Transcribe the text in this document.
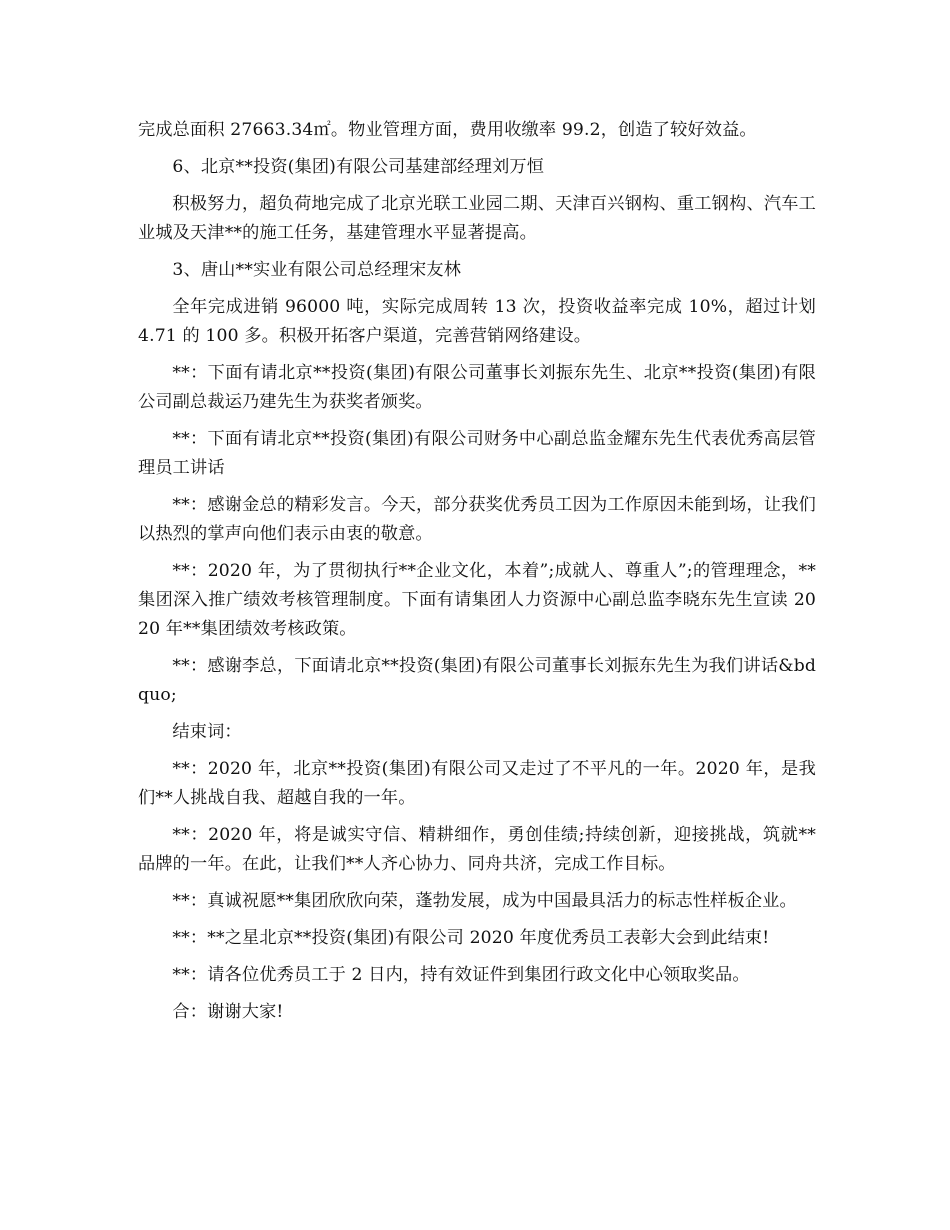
完成总面积 27663.34㎡。物业管理方面，费用收缴率 99.2，创造了较好效益。

6、北京**投资(集团)有限公司基建部经理刘万恒

积极努力，超负荷地完成了北京光联工业园二期、天津百兴钢构、重工钢构、汽车工业城及天津**的施工任务，基建管理水平显著提高。

3、唐山**实业有限公司总经理宋友林

全年完成进销 96000 吨，实际完成周转 13 次，投资收益率完成 10%，超过计划 4.71 的 100 多。积极开拓客户渠道，完善营销网络建设。

**：下面有请北京**投资(集团)有限公司董事长刘振东先生、北京**投资(集团)有限公司副总裁运乃建先生为获奖者颁奖。

**：下面有请北京**投资(集团)有限公司财务中心副总监金耀东先生代表优秀高层管理员工讲话

**：感谢金总的精彩发言。今天，部分获奖优秀员工因为工作原因未能到场，让我们以热烈的掌声向他们表示由衷的敬意。

**：2020 年，为了贯彻执行**企业文化，本着”;成就人、尊重人”;的管理理念，**集团深入推广绩效考核管理制度。下面有请集团人力资源中心副总监李晓东先生宣读 2020 年**集团绩效考核政策。

**：感谢李总，下面请北京**投资(集团)有限公司董事长刘振东先生为我们讲话&bdquo;

结束词：

**：2020 年，北京**投资(集团)有限公司又走过了不平凡的一年。2020 年，是我们**人挑战自我、超越自我的一年。

**：2020 年，将是诚实守信、精耕细作，勇创佳绩;持续创新，迎接挑战，筑就**品牌的一年。在此，让我们**人齐心协力、同舟共济，完成工作目标。

**：真诚祝愿**集团欣欣向荣，蓬勃发展，成为中国最具活力的标志性样板企业。

**：**之星北京**投资(集团)有限公司 2020 年度优秀员工表彰大会到此结束!

**：请各位优秀员工于 2 日内，持有效证件到集团行政文化中心领取奖品。

合：谢谢大家!
